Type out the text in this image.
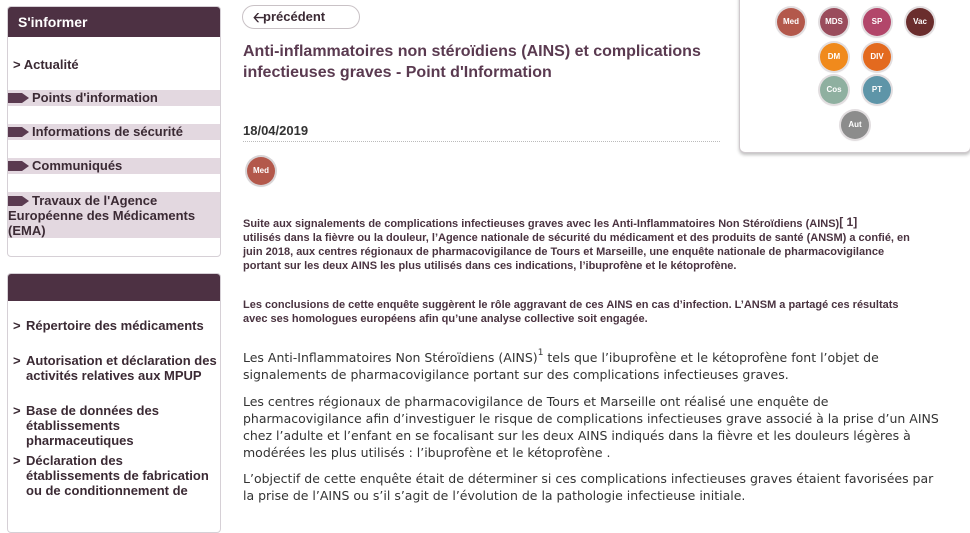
S'informer
> Actualité
Points d'information
Informations de sécurité
Communiqués
Travaux de l'Agence Européenne des Médicaments (EMA)
> Répertoire des médicaments
> Autorisation et déclaration des activités relatives aux MPUP
> Base de données des établissements pharmaceutiques
> Déclaration des établissements de fabrication ou de conditionnement de
🡠
précédent
Anti-inflammatoires non stéroïdiens (AINS) et complications infectieuses graves - Point d'Information
18/04/2019
Med
Suite aux signalements de complications infectieuses graves avec les Anti-Inflammatoires Non Stéroïdiens (AINS)[ 1]
utilisés dans la fièvre ou la douleur, l’Agence nationale de sécurité du médicament et des produits de santé (ANSM) a confié, en juin 2018, aux centres régionaux de pharmacovigilance de Tours et Marseille, une enquête nationale de pharmacovigilance portant sur les deux AINS les plus utilisés dans ces indications, l’ibuprofène et le kétoprofène.
Les conclusions de cette enquête suggèrent le rôle aggravant de ces AINS en cas d’infection. L’ANSM a partagé ces résultats avec ses homologues européens afin qu’une analyse collective soit engagée.
Les Anti-Inflammatoires Non Stéroïdiens (AINS)$^1$ tels que l’ibuprofène et le kétoprofène font l’objet de signalements de pharmacovigilance portant sur des complications infectieuses graves.
Les centres régionaux de pharmacovigilance de Tours et Marseille ont réalisé une enquête de pharmacovigilance afin d’investiguer le risque de complications infectieuses grave associé à la prise d’un AINS chez l’adulte et l’enfant en se focalisant sur les deux AINS indiqués dans la fièvre et les douleurs légères à modérées les plus utilisés : l’ibuprofène et le kétoprofène .
L’objectif de cette enquête était de déterminer si ces complications infectieuses graves étaient favorisées par la prise de l’AINS ou s’il s’agit de l’évolution de la pathologie infectieuse initiale.
Med	MDS	SP	Vac
DM	DIV
Cos	PT
Aut
